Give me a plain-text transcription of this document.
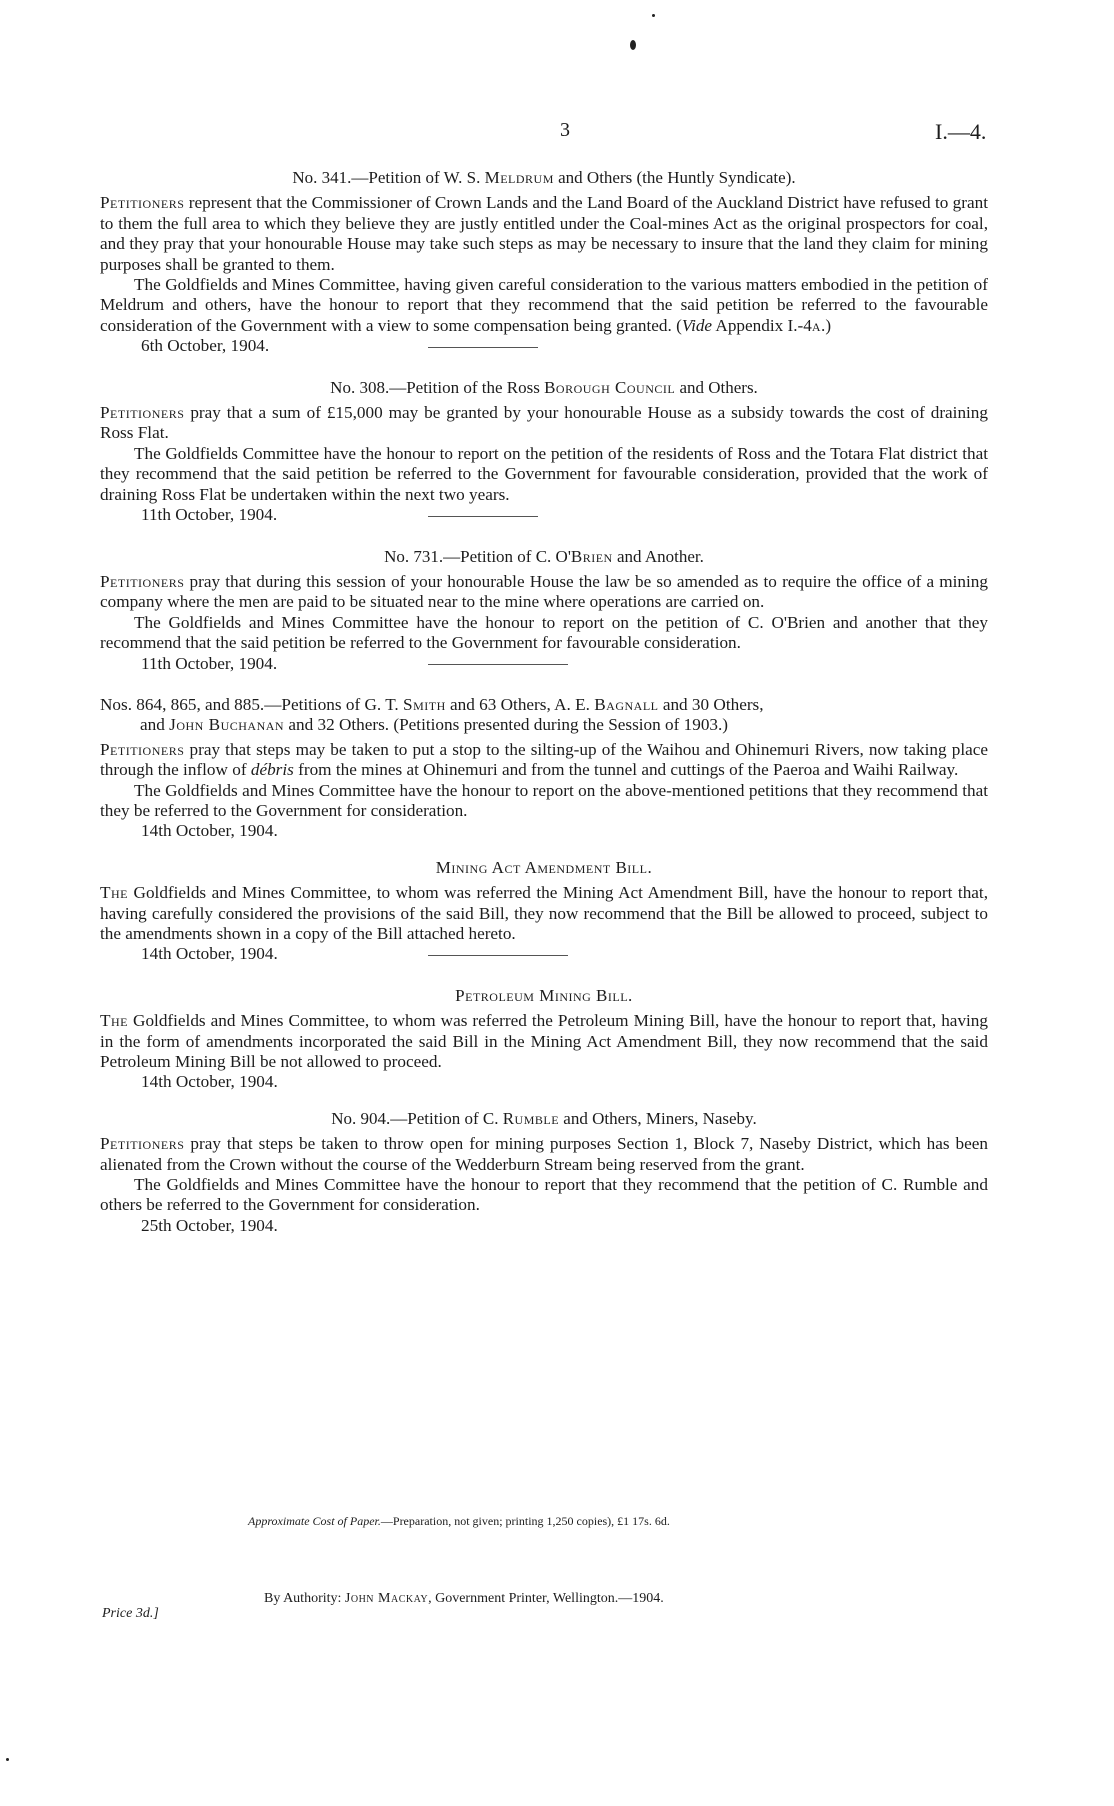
3	I.—4.
No. 341.—Petition of W. S. Meldrum and Others (the Huntly Syndicate).

Petitioners represent that the Commissioner of Crown Lands and the Land Board of the Auckland District have refused to grant to them the full area to which they believe they are justly entitled under the Coal-mines Act as the original prospectors for coal, and they pray that your honourable House may take such steps as may be necessary to insure that the land they claim for mining purposes shall be granted to them.

The Goldfields and Mines Committee, having given careful consideration to the various matters embodied in the petition of Meldrum and others, have the honour to report that they recommend that the said petition be referred to the favourable consideration of the Government with a view to some compensation being granted. (Vide Appendix I.-4a.)

6th October, 1904.
No. 308.—Petition of the Ross Borough Council and Others.

Petitioners pray that a sum of £15,000 may be granted by your honourable House as a subsidy towards the cost of draining Ross Flat.

The Goldfields Committee have the honour to report on the petition of the residents of Ross and the Totara Flat district that they recommend that the said petition be referred to the Government for favourable consideration, provided that the work of draining Ross Flat be undertaken within the next two years.

11th October, 1904.
No. 731.—Petition of C. O'Brien and Another.

Petitioners pray that during this session of your honourable House the law be so amended as to require the office of a mining company where the men are paid to be situated near to the mine where operations are carried on.

The Goldfields and Mines Committee have the honour to report on the petition of C. O'Brien and another that they recommend that the said petition be referred to the Government for favourable consideration.

11th October, 1904.
Nos. 864, 865, and 885.—Petitions of G. T. Smith and 63 Others, A. E. Bagnall and 30 Others,
and John Buchanan and 32 Others. (Petitions presented during the Session of 1903.)

Petitioners pray that steps may be taken to put a stop to the silting-up of the Waihou and Ohinemuri Rivers, now taking place through the inflow of débris from the mines at Ohinemuri and from the tunnel and cuttings of the Paeroa and Waihi Railway.

The Goldfields and Mines Committee have the honour to report on the above-mentioned petitions that they recommend that they be referred to the Government for consideration.

14th October, 1904.
Mining Act Amendment Bill.

The Goldfields and Mines Committee, to whom was referred the Mining Act Amendment Bill, have the honour to report that, having carefully considered the provisions of the said Bill, they now recommend that the Bill be allowed to proceed, subject to the amendments shown in a copy of the Bill attached hereto.

14th October, 1904.
Petroleum Mining Bill.

The Goldfields and Mines Committee, to whom was referred the Petroleum Mining Bill, have the honour to report that, having in the form of amendments incorporated the said Bill in the Mining Act Amendment Bill, they now recommend that the said Petroleum Mining Bill be not allowed to proceed.

14th October, 1904.
No. 904.—Petition of C. Rumble and Others, Miners, Naseby.

Petitioners pray that steps be taken to throw open for mining purposes Section 1, Block 7, Naseby District, which has been alienated from the Crown without the course of the Wedderburn Stream being reserved from the grant.

The Goldfields and Mines Committee have the honour to report that they recommend that the petition of C. Rumble and others be referred to the Government for consideration.

25th October, 1904.
Approximate Cost of Paper.—Preparation, not given; printing 1,250 copies), £1 17s. 6d.
By Authority: John Mackay, Government Printer, Wellington.—1904.
Price 3d.]
